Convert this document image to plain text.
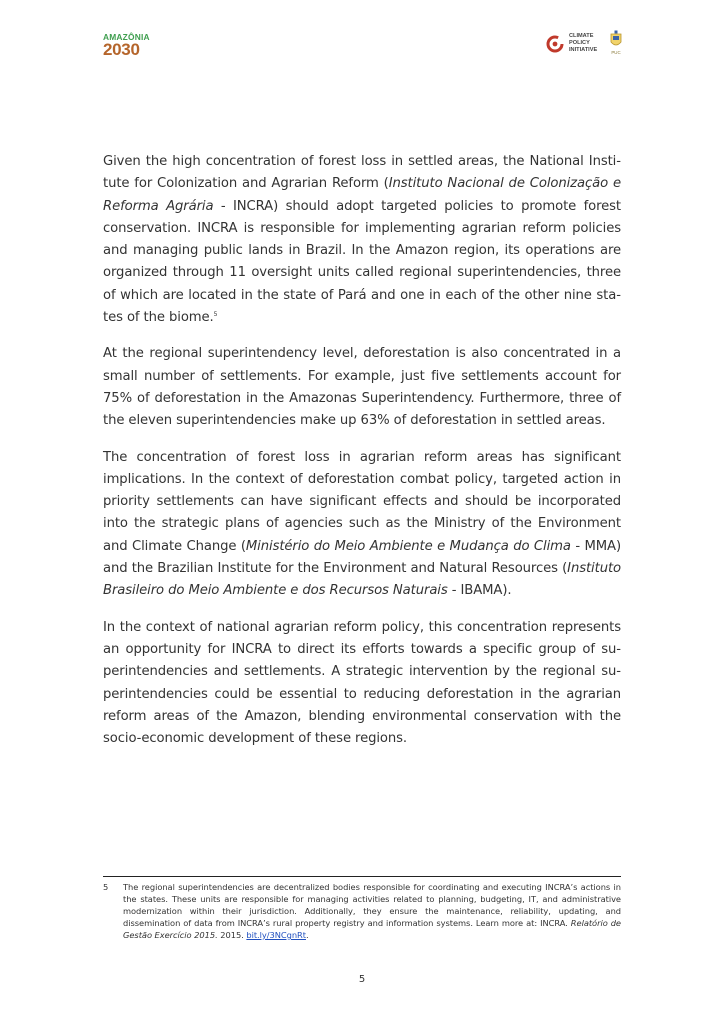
AMAZÔNIA
2030
CLIMATE
POLICY
INITIATIVE	PUC

Given the high concentration of forest loss in settled areas, the National Institute for Colonization and Agrarian Reform (Instituto Nacional de Colonização e Reforma Agrária - INCRA) should adopt targeted policies to promote forest conservation. INCRA is responsible for implementing agrarian reform policies and managing public lands in Brazil. In the Amazon region, its operations are organized through 11 oversight units called regional superintendencies, three of which are located in the state of Pará and one in each of the other nine states of the biome.$^5$

At the regional superintendency level, deforestation is also concentrated in a small number of settlements. For example, just five settlements account for 75% of deforestation in the Amazonas Superintendency. Furthermore, three of the eleven superintendencies make up 63% of deforestation in settled areas.

The concentration of forest loss in agrarian reform areas has significant implications. In the context of deforestation combat policy, targeted action in priority settlements can have significant effects and should be incorporated into the strategic plans of agencies such as the Ministry of the Environment and Climate Change (Ministério do Meio Ambiente e Mudança do Clima - MMA) and the Brazilian Institute for the Environment and Natural Resources (Instituto Brasileiro do Meio Ambiente e dos Recursos Naturais - IBAMA).

In the context of national agrarian reform policy, this concentration represents an opportunity for INCRA to direct its efforts towards a specific group of superintendencies and settlements. A strategic intervention by the regional superintendencies could be essential to reducing deforestation in the agrarian reform areas of the Amazon, blending environmental conservation with the socio-economic development of these regions.

5	The regional superintendencies are decentralized bodies responsible for coordinating and executing INCRA’s actions in the states. These units are responsible for managing activities related to planning, budgeting, IT, and administrative modernization within their jurisdiction. Additionally, they ensure the maintenance, reliability, updating, and dissemination of data from INCRA’s rural property registry and information systems. Learn more at: INCRA. Relatório de Gestão Exercício 2015. 2015. bit.ly/3NCgnRt.
5
